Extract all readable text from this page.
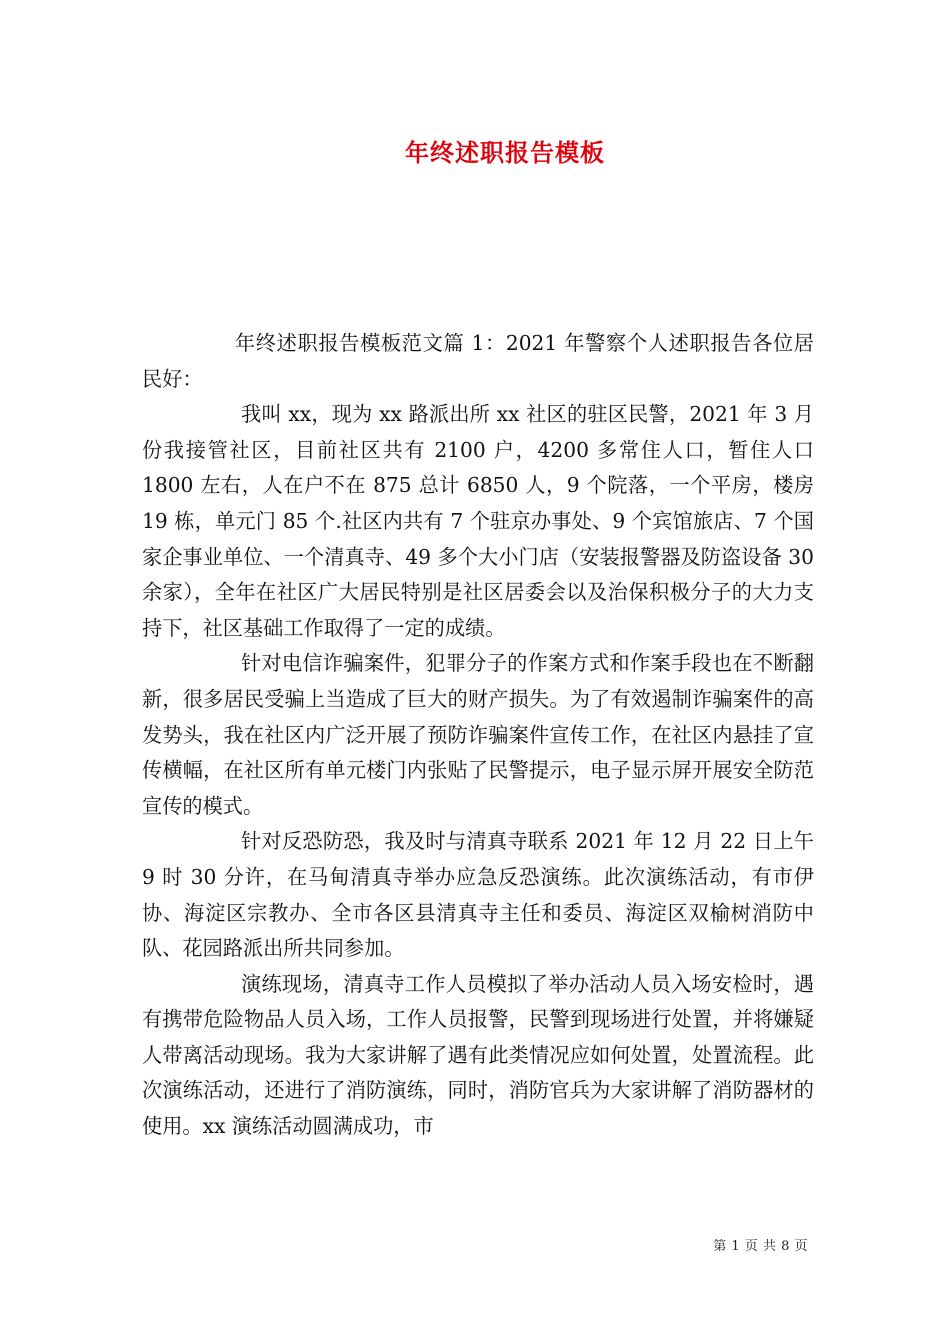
年终述职报告模板

年终述职报告模板范文篇 1：2021 年警察个人述职报告各位居民好：

我叫 xx，现为 xx 路派出所 xx 社区的驻区民警，2021 年 3 月份我接管社区，目前社区共有 2100 户，4200 多常住人口，暂住人口 1800 左右，人在户不在 875 总计 6850 人，9 个院落，一个平房，楼房 19 栋，单元门 85 个.社区内共有 7 个驻京办事处、9 个宾馆旅店、7 个国家企事业单位、一个清真寺、49 多个大小门店（安装报警器及防盗设备 30 余家），全年在社区广大居民特别是社区居委会以及治保积极分子的大力支持下，社区基础工作取得了一定的成绩。

针对电信诈骗案件，犯罪分子的作案方式和作案手段也在不断翻新，很多居民受骗上当造成了巨大的财产损失。为了有效遏制诈骗案件的高发势头，我在社区内广泛开展了预防诈骗案件宣传工作，在社区内悬挂了宣传横幅，在社区所有单元楼门内张贴了民警提示，电子显示屏开展安全防范宣传的模式。

针对反恐防恐，我及时与清真寺联系 2021 年 12 月 22 日上午 9 时 30 分许，在马甸清真寺举办应急反恐演练。此次演练活动，有市伊协、海淀区宗教办、全市各区县清真寺主任和委员、海淀区双榆树消防中队、花园路派出所共同参加。

演练现场，清真寺工作人员模拟了举办活动人员入场安检时，遇有携带危险物品人员入场，工作人员报警，民警到现场进行处置，并将嫌疑人带离活动现场。我为大家讲解了遇有此类情况应如何处置，处置流程。此次演练活动，还进行了消防演练，同时，消防官兵为大家讲解了消防器材的使用。xx 演练活动圆满成功，市

第 1 页 共 8 页
